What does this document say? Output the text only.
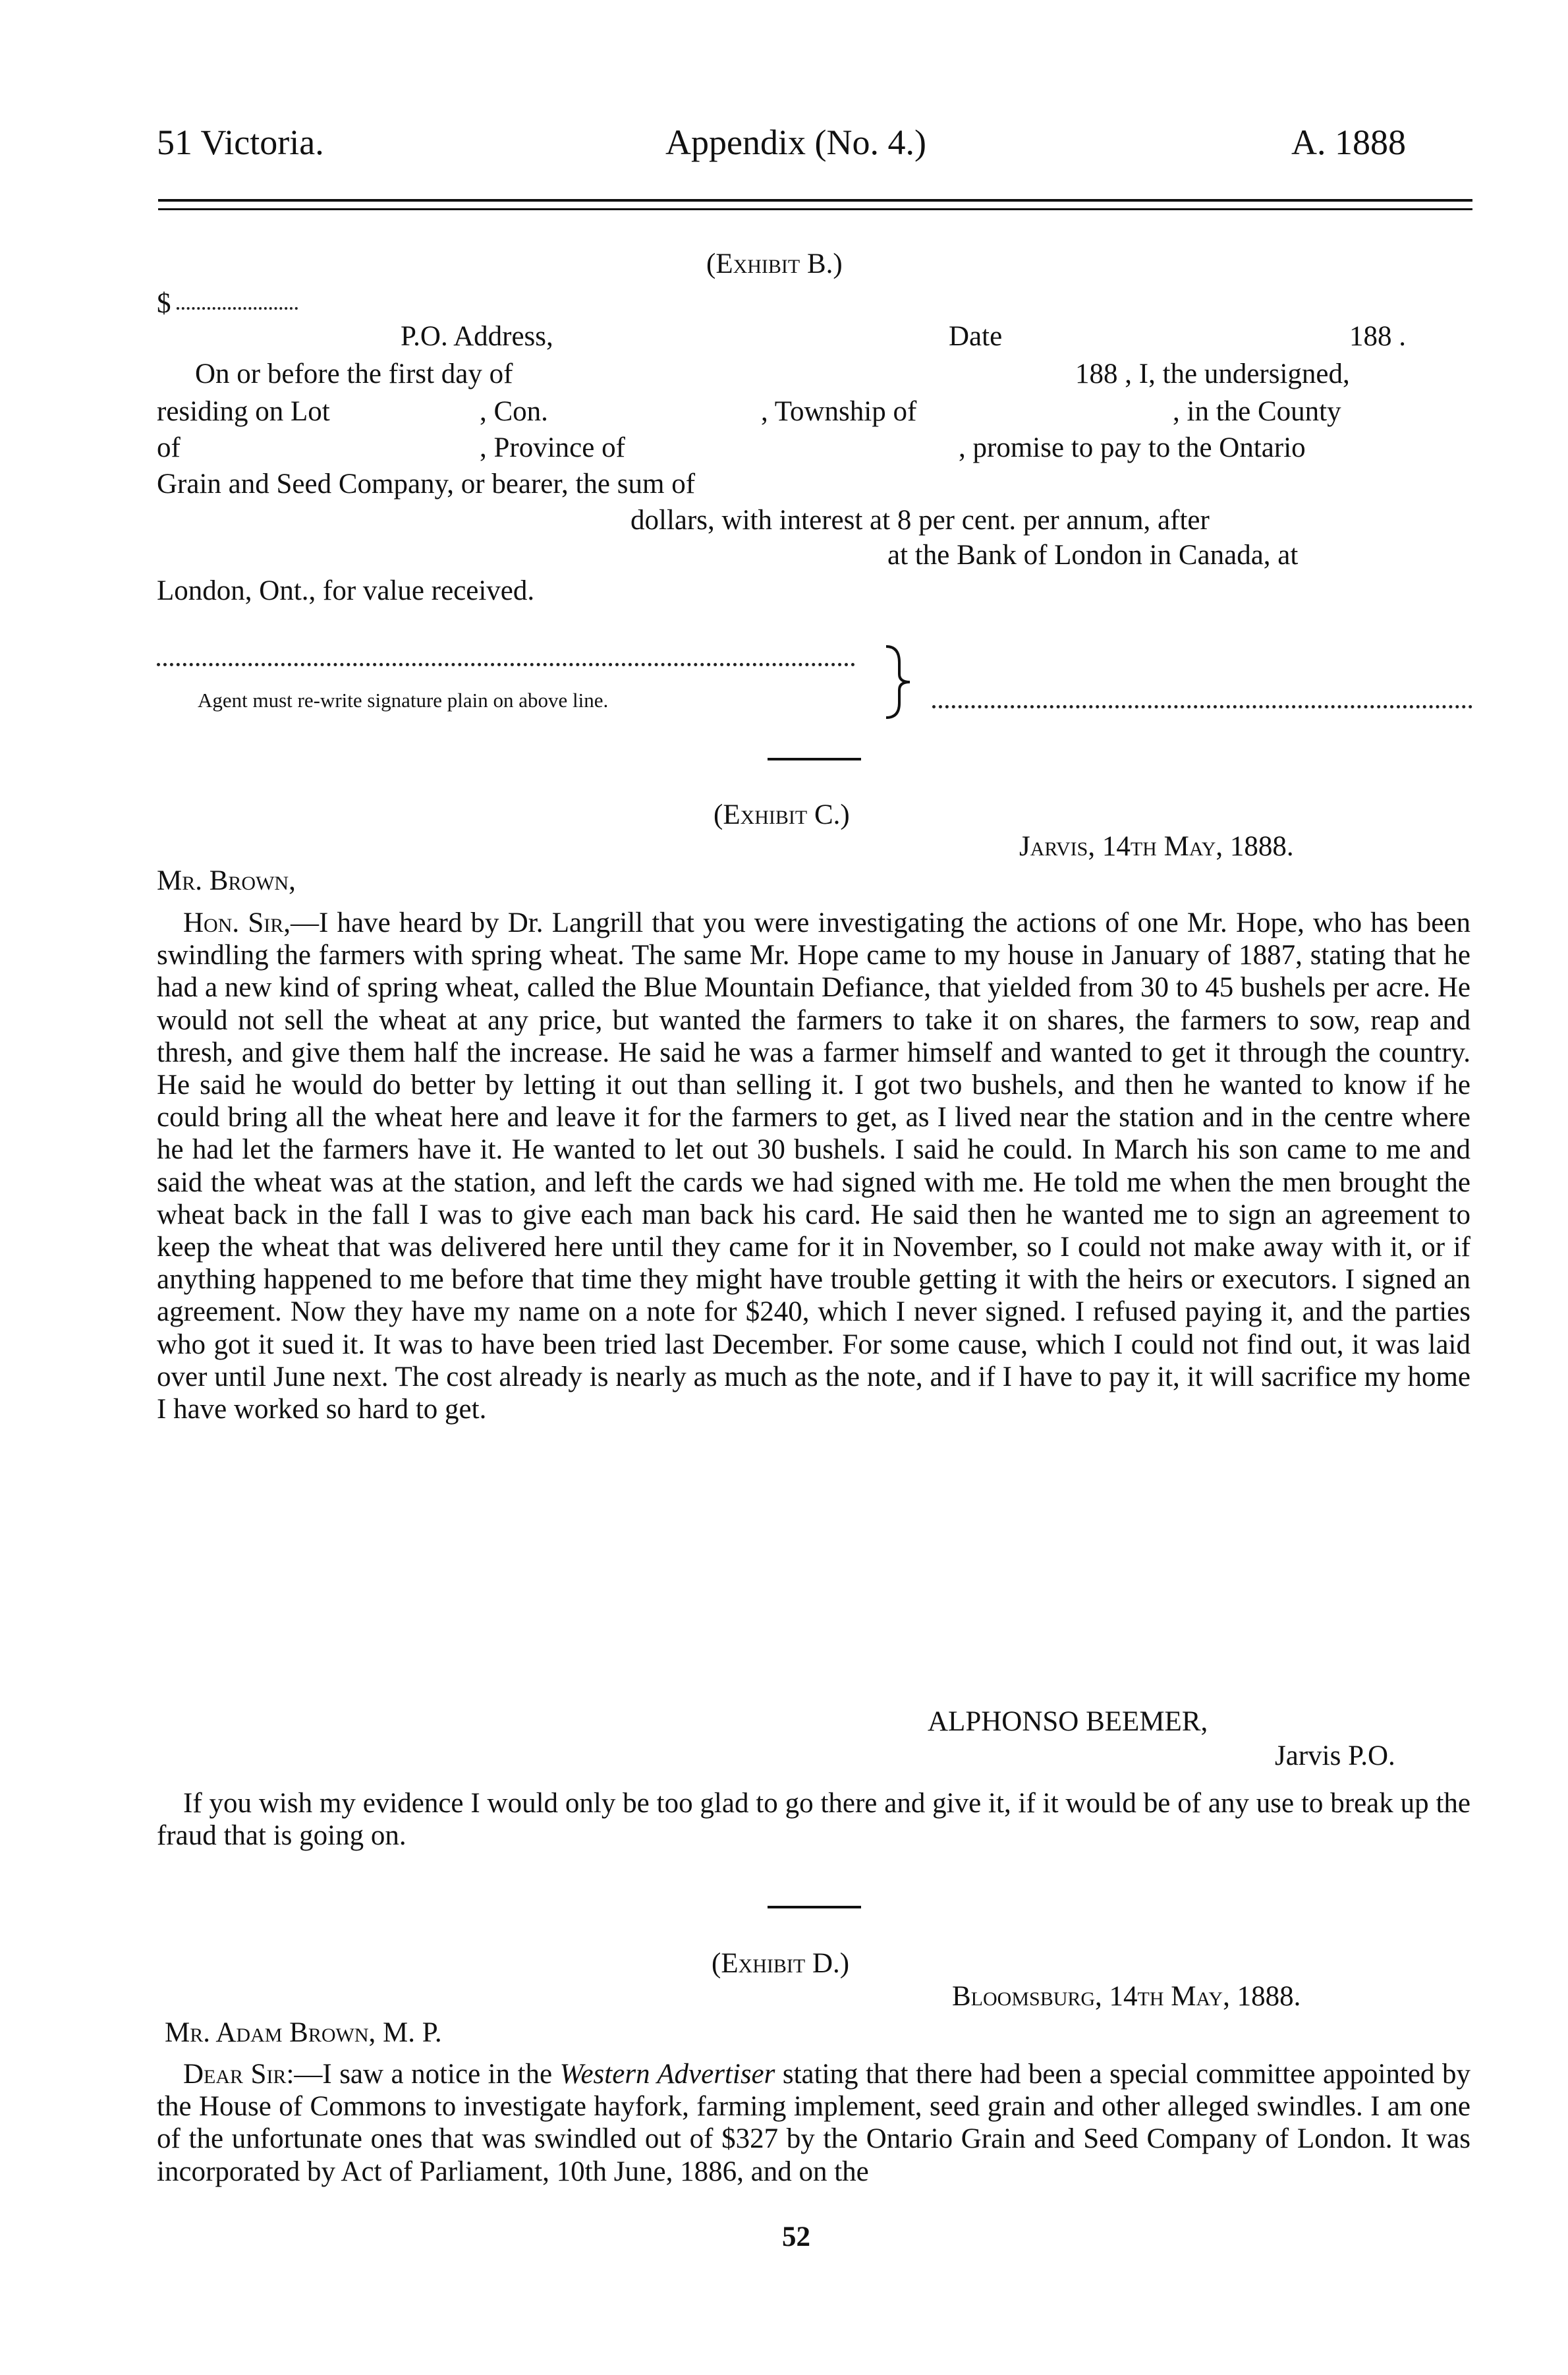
51 Victoria.	Appendix (No. 4.)	A. 1888
(Exhibit B.)
$
P.O. Address,	Date	188 .
On or before the first day of	188 , I, the undersigned,
residing on Lot	, Con.	, Township of	, in the County
of	, Province of	, promise to pay to the Ontario
Grain and Seed Company, or bearer, the sum of
dollars, with interest at 8 per cent. per annum, after
at the Bank of London in Canada, at
London, Ont., for value received.
Agent must re-write signature plain on above line.
(Exhibit C.)
Jarvis, 14th May, 1888.
Mr. Brown,

Hon. Sir,—I have heard by Dr. Langrill that you were investigating the actions of one Mr. Hope, who has been swindling the farmers with spring wheat. The same Mr. Hope came to my house in January of 1887, stating that he had a new kind of spring wheat, called the Blue Mountain Defiance, that yielded from 30 to 45 bushels per acre. He would not sell the wheat at any price, but wanted the farmers to take it on shares, the farmers to sow, reap and thresh, and give them half the increase. He said he was a farmer himself and wanted to get it through the country. He said he would do better by letting it out than selling it. I got two bushels, and then he wanted to know if he could bring all the wheat here and leave it for the farmers to get, as I lived near the station and in the centre where he had let the farmers have it. He wanted to let out 30 bushels. I said he could. In March his son came to me and said the wheat was at the station, and left the cards we had signed with me. He told me when the men brought the wheat back in the fall I was to give each man back his card. He said then he wanted me to sign an agreement to keep the wheat that was delivered here until they came for it in November, so I could not make away with it, or if anything happened to me before that time they might have trouble getting it with the heirs or executors. I signed an agreement. Now they have my name on a note for $240, which I never signed. I refused paying it, and the parties who got it sued it. It was to have been tried last December. For some cause, which I could not find out, it was laid over until June next. The cost already is nearly as much as the note, and if I have to pay it, it will sacrifice my home I have worked so hard to get.

ALPHONSO BEEMER,
Jarvis P.O.

If you wish my evidence I would only be too glad to go there and give it, if it would be of any use to break up the fraud that is going on.

(Exhibit D.)
Bloomsburg, 14th May, 1888.
Mr. Adam Brown, M. P.

Dear Sir:—I saw a notice in the Western Advertiser stating that there had been a special committee appointed by the House of Commons to investigate hayfork, farming implement, seed grain and other alleged swindles. I am one of the unfortunate ones that was swindled out of $327 by the Ontario Grain and Seed Company of London. It was incorporated by Act of Parliament, 10th June, 1886, and on the

52
